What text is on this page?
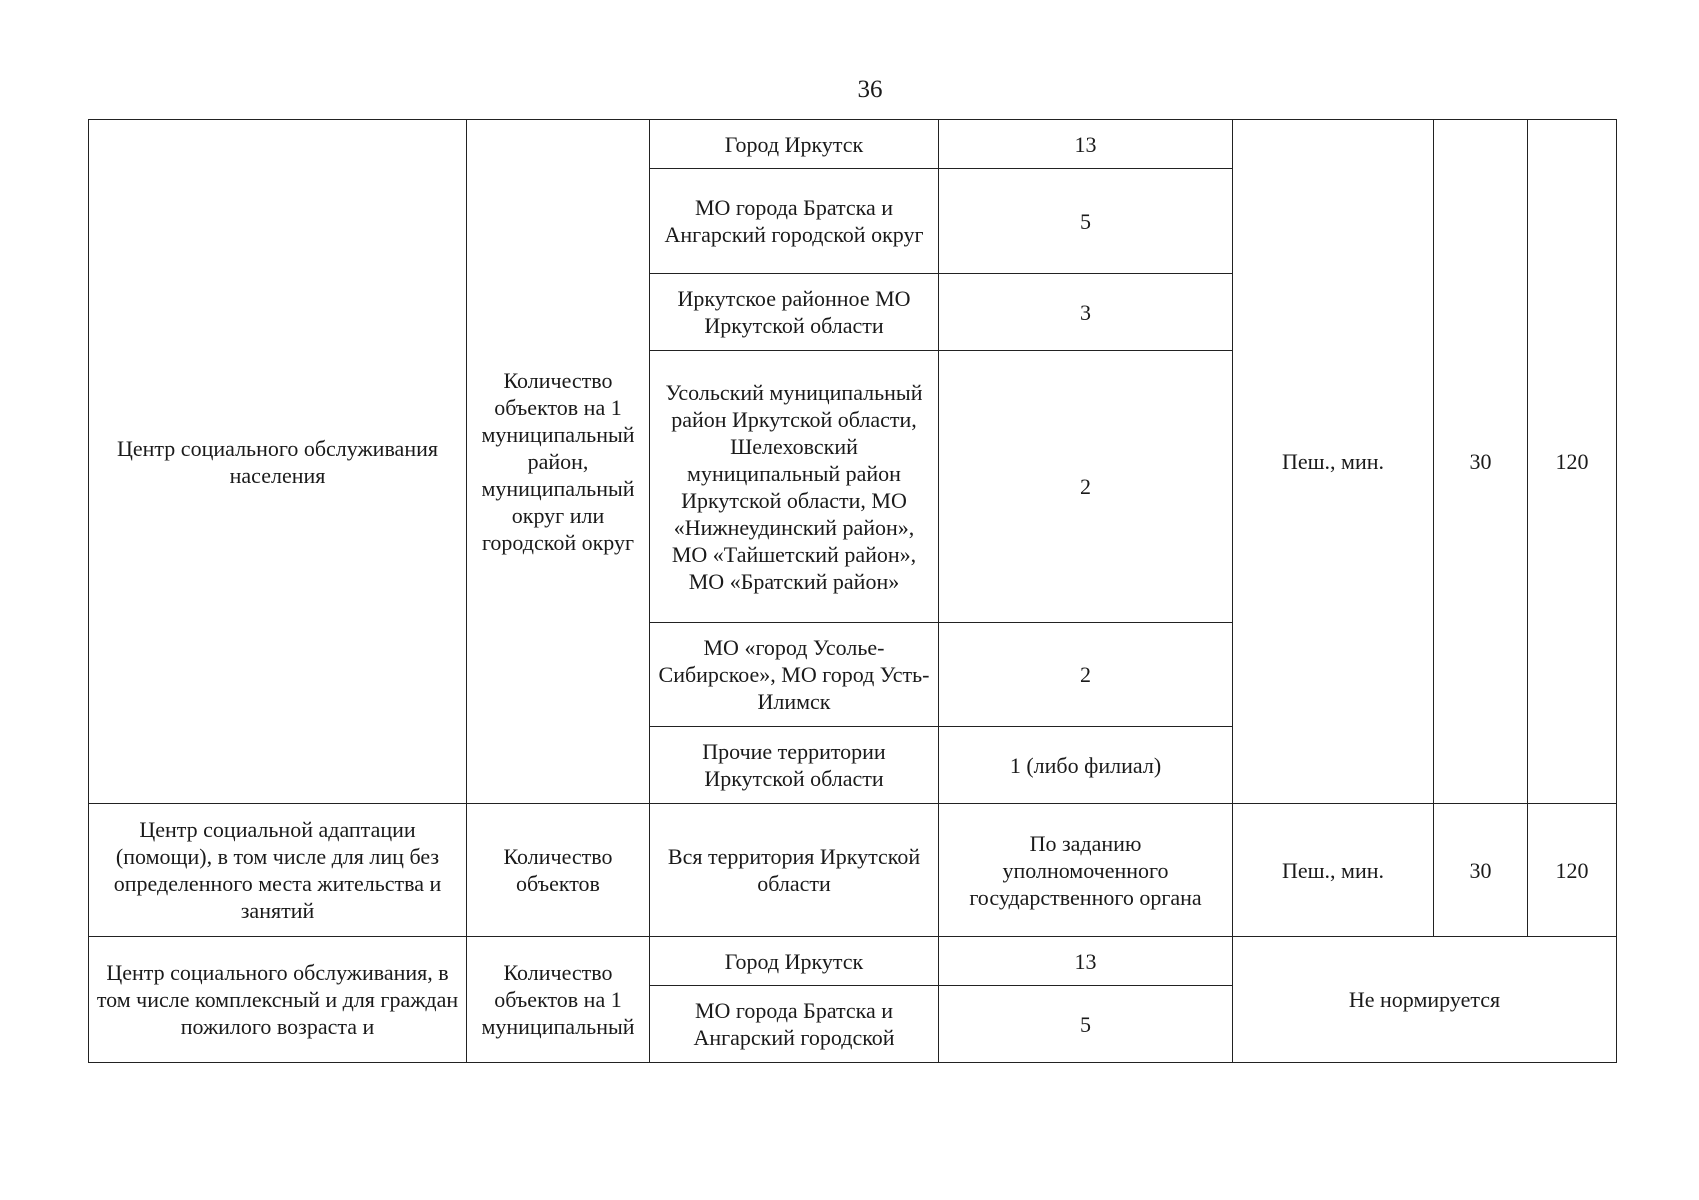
36
Центр социального обслуживания населения	Количество объектов на 1 муниципальный район, муниципальный округ или городской округ	Город Иркутск	13	Пеш., мин.	30	120
		МО города Братска и Ангарский городской округ	5			
		Иркутское районное МО Иркутской области	3			
		Усольский муниципальный район Иркутской области, Шелеховский муниципальный район Иркутской области, МО «Нижнеудинский район», МО «Тайшетский район», МО «Братский район»	2			
		МО «город Усолье-Сибирское», МО город Усть-Илимск	2			
		Прочие территории Иркутской области	1 (либо филиал)			
Центр социальной адаптации (помощи), в том числе для лиц без определенного места жительства и занятий	Количество объектов	Вся территория Иркутской области	По заданию уполномоченного государственного органа	Пеш., мин.	30	120
Центр социального обслуживания, в том числе комплексный и для граждан пожилого возраста и	Количество объектов на 1 муниципальный	Город Иркутск	13	Не нормируется		
		МО города Братска и Ангарский городской	5			
